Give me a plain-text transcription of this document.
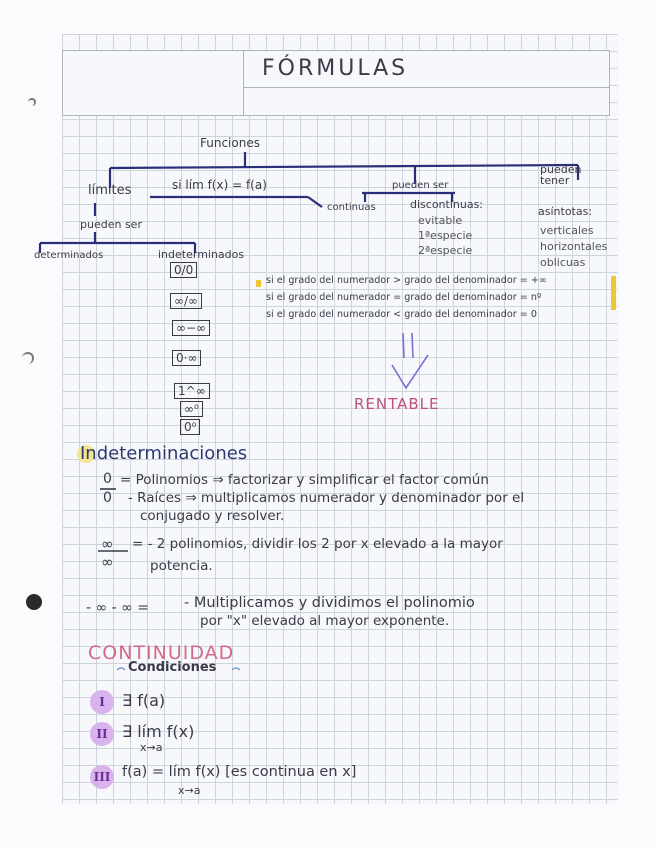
FÓRMULAS
Funciones
límites	si lím f(x) = f(a)
continuas
pueden ser
pueden tener
pueden ser
determinados	indeterminados
discontinuas:
evitable
1ªespecie
2ªespecie
asíntotas:
verticales
horizontales
oblicuas
0/0
∞/∞
∞−∞
0·∞
1^∞
∞⁰
0⁰
si el grado del numerador > grado del denominador = +∞
si el grado del numerador = grado del denominador = nº
si el grado del numerador < grado del denominador = 0
RENTABLE
Indeterminaciones
0
0
= Polinomios ⇒ factorizar y simplificar el factor común
- Raíces ⇒ multiplicamos numerador y denominador por el
conjugado y resolver.
∞
∞
= - 2 polinomios, dividir los 2 por x elevado a la mayor
potencia.
- ∞ - ∞ = - Multiplicamos y dividimos el polinomio
por "x" elevado al mayor exponente.
CONTINUIDAD
Condiciones
I	∃ f(a)
II ∃ lím f(x)
x→a
III f(a) = lím f(x) [es continua en x]
x→a
